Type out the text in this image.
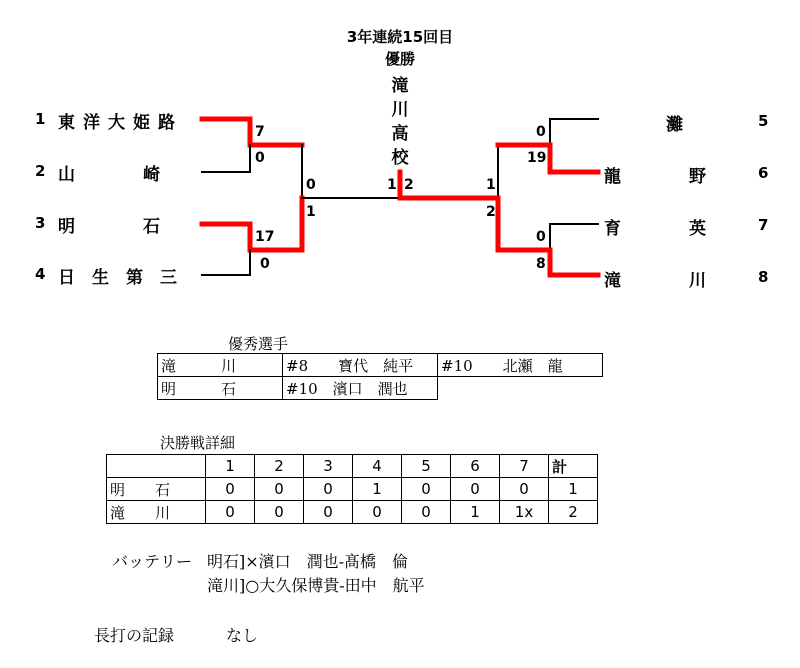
3年連続15回目
優勝
滝
川
高
校
1 東洋大姫路
2 山　　　　崎
3 明　　　　石
4 日　生　第　三
灘	5
龍　　　　野	6
育　　　　英	7
滝　　　　川	8
7
0
17
0
0
1
1 2	1
2
0
19
0
8
優秀選手
滝　　　川	#8　　寶代　純平	#10　　北瀬　龍
明　　　石	#10　濱口　潤也	
決勝戦詳細
	1	2	3	4	5	6	7	計
明　　石	0	0	0	1	0	0	0	1
滝　　川	0	0	0	0	0	1	1x	2
バッテリー 明石]×濱口　潤也-髙橋　倫
滝川]○大久保博貴-田中　航平
長打の記録	なし
